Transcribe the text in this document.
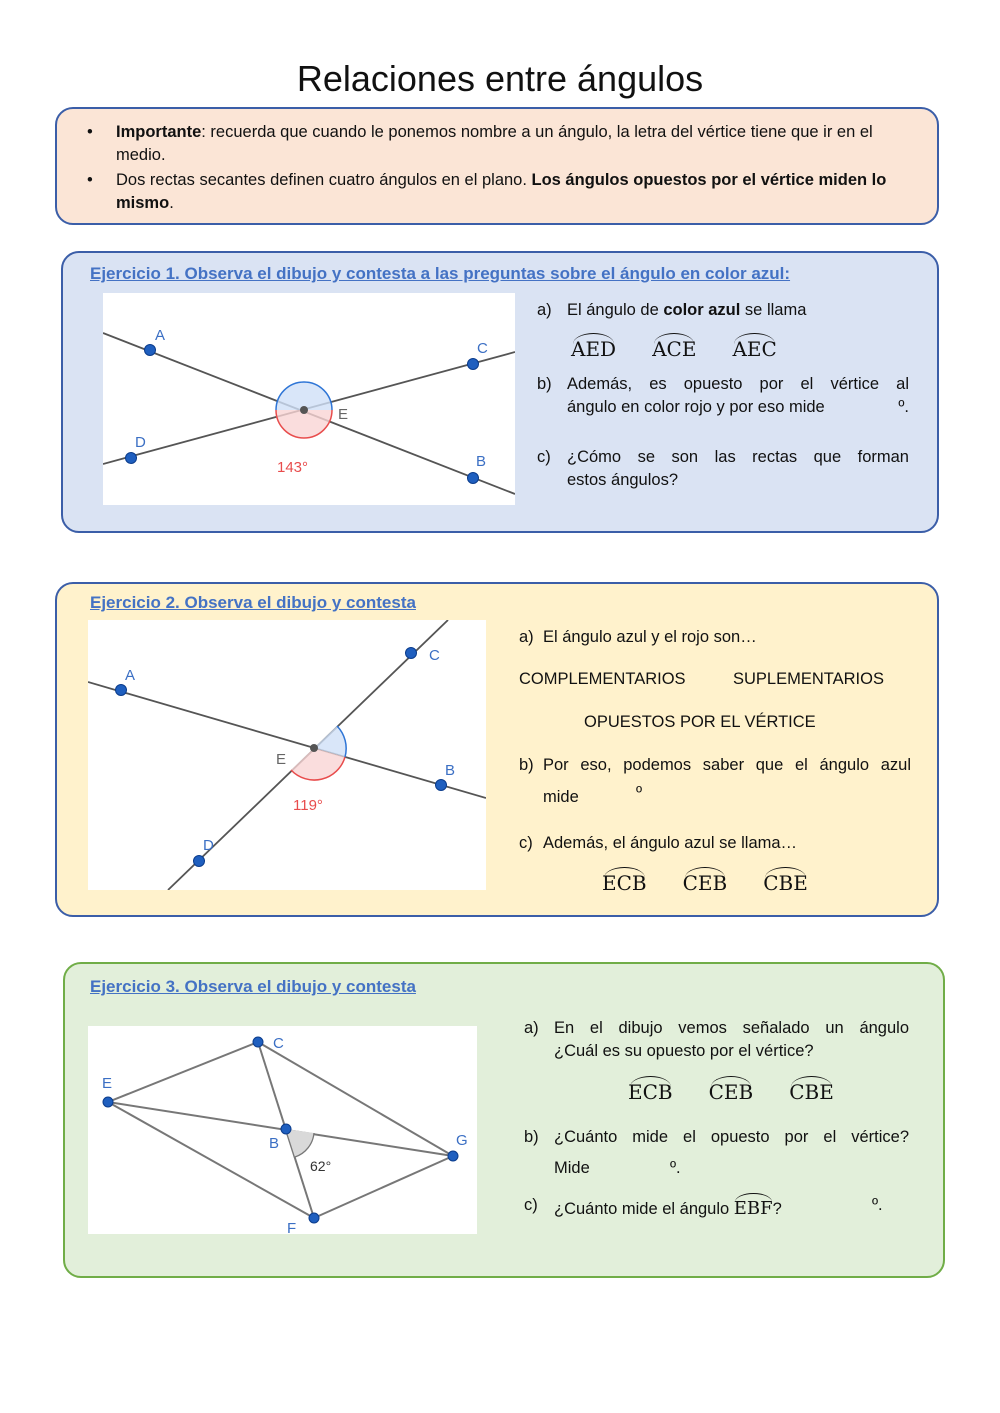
Relaciones entre ángulos
• Importante: recuerda que cuando le ponemos nombre a un ángulo, la letra del vértice tiene que ir en el medio.
• Dos rectas secantes definen cuatro ángulos en el plano. Los ángulos opuestos por el vértice miden lo mismo.
Ejercicio 1. Observa el dibujo y contesta a las preguntas sobre el ángulo en color azul:
A
C
D
B
E
143°
a) El ángulo de color azul se llama
AED ACE AEC
b) Además, es opuesto por el vértice al
ángulo en color rojo y por eso mide	º.
c) ¿Cómo se son las rectas que forman
estos ángulos?
Ejercicio 2. Observa el dibujo y contesta
A
C
B
D
E
119°
a) El ángulo azul y el rojo son…
COMPLEMENTARIOS	SUPLEMENTARIOS
OPUESTOS POR EL VÉRTICE
b) Por eso, podemos saber que el ángulo azul
mide	º
c) Además, el ángulo azul se llama…
ECB CEB CBE
Ejercicio 3. Observa el dibujo y contesta
C
E
B	G
F
62°
a) En el dibujo vemos señalado un ángulo
¿Cuál es su opuesto por el vértice?
ECB CEB CBE
b) ¿Cuánto mide el opuesto por el vértice?
Mide	º.
c) ¿Cuánto mide el ángulo EBF?	º.
